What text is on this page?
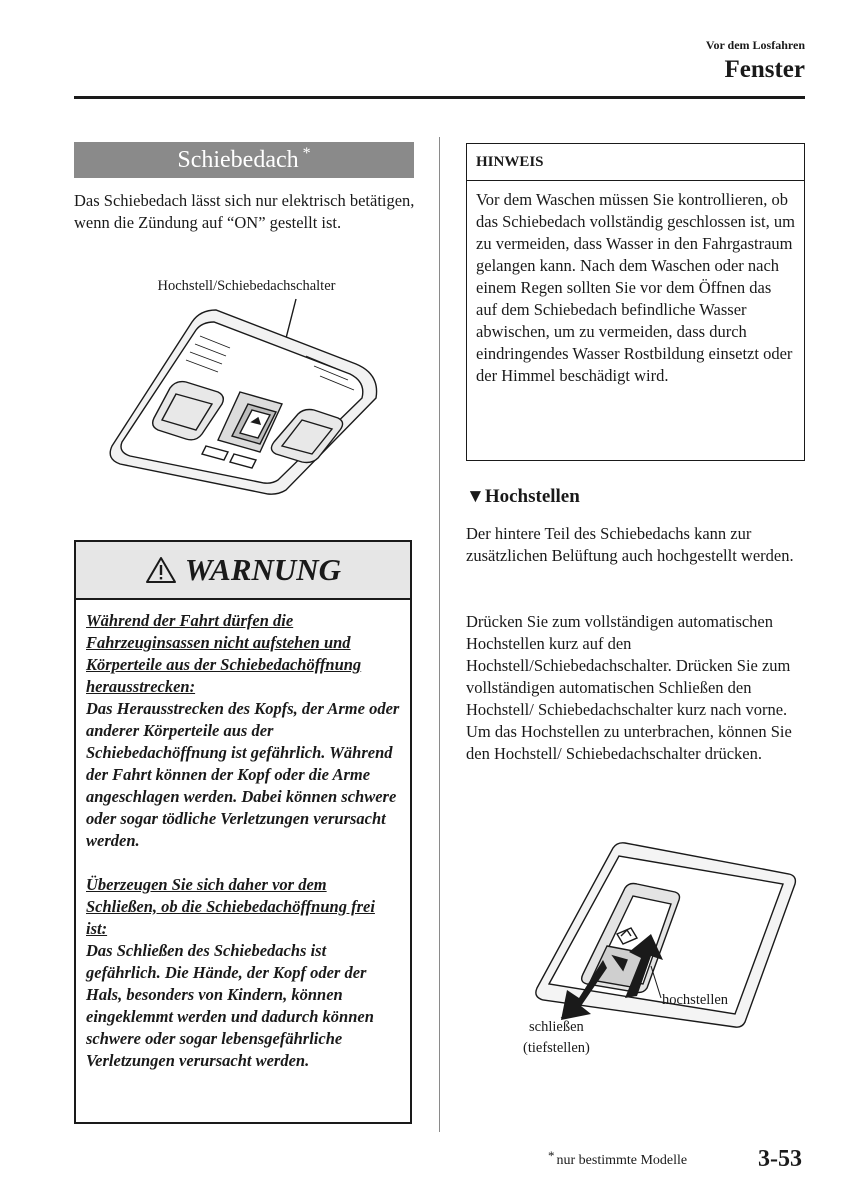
Vor dem Losfahren
Fenster
Schiebedach *
Das Schiebedach lässt sich nur elektrisch betätigen, wenn die Zündung auf “ON” gestellt ist.
Hochstell/Schiebedachschalter
WARNUNG
Während der Fahrt dürfen die Fahrzeuginsassen nicht aufstehen und Körperteile aus der Schiebedachöffnung herausstrecken:
Das Herausstrecken des Kopfs, der Arme oder anderer Körperteile aus der Schiebedachöffnung ist gefährlich. Während der Fahrt können der Kopf oder die Arme angeschlagen werden. Dabei können schwere oder sogar tödliche Verletzungen verursacht werden.
Überzeugen Sie sich daher vor dem Schließen, ob die Schiebedachöffnung frei ist:
Das Schließen des Schiebedachs ist gefährlich. Die Hände, der Kopf oder der Hals, besonders von Kindern, können eingeklemmt werden und dadurch können schwere oder sogar lebensgefährliche Verletzungen verursacht werden.
HINWEIS
Vor dem Waschen müssen Sie kontrollieren, ob das Schiebedach vollständig geschlossen ist, um zu vermeiden, dass Wasser in den Fahrgastraum gelangen kann. Nach dem Waschen oder nach einem Regen sollten Sie vor dem Öffnen das auf dem Schiebedach befindliche Wasser abwischen, um zu vermeiden, dass durch eindringendes Wasser Rostbildung einsetzt oder der Himmel beschädigt wird.
▼Hochstellen
Der hintere Teil des Schiebedachs kann zur zusätzlichen Belüftung auch hochgestellt werden.
Drücken Sie zum vollständigen automatischen Hochstellen kurz auf den Hochstell/Schiebedachschalter. Drücken Sie zum vollständigen automatischen Schließen den Hochstell/ Schiebedachschalter kurz nach vorne. Um das Hochstellen zu unterbrachen, können Sie den Hochstell/ Schiebedachschalter drücken.
hochstellen
schließen
(tiefstellen)
* nur bestimmte Modelle	3-53
